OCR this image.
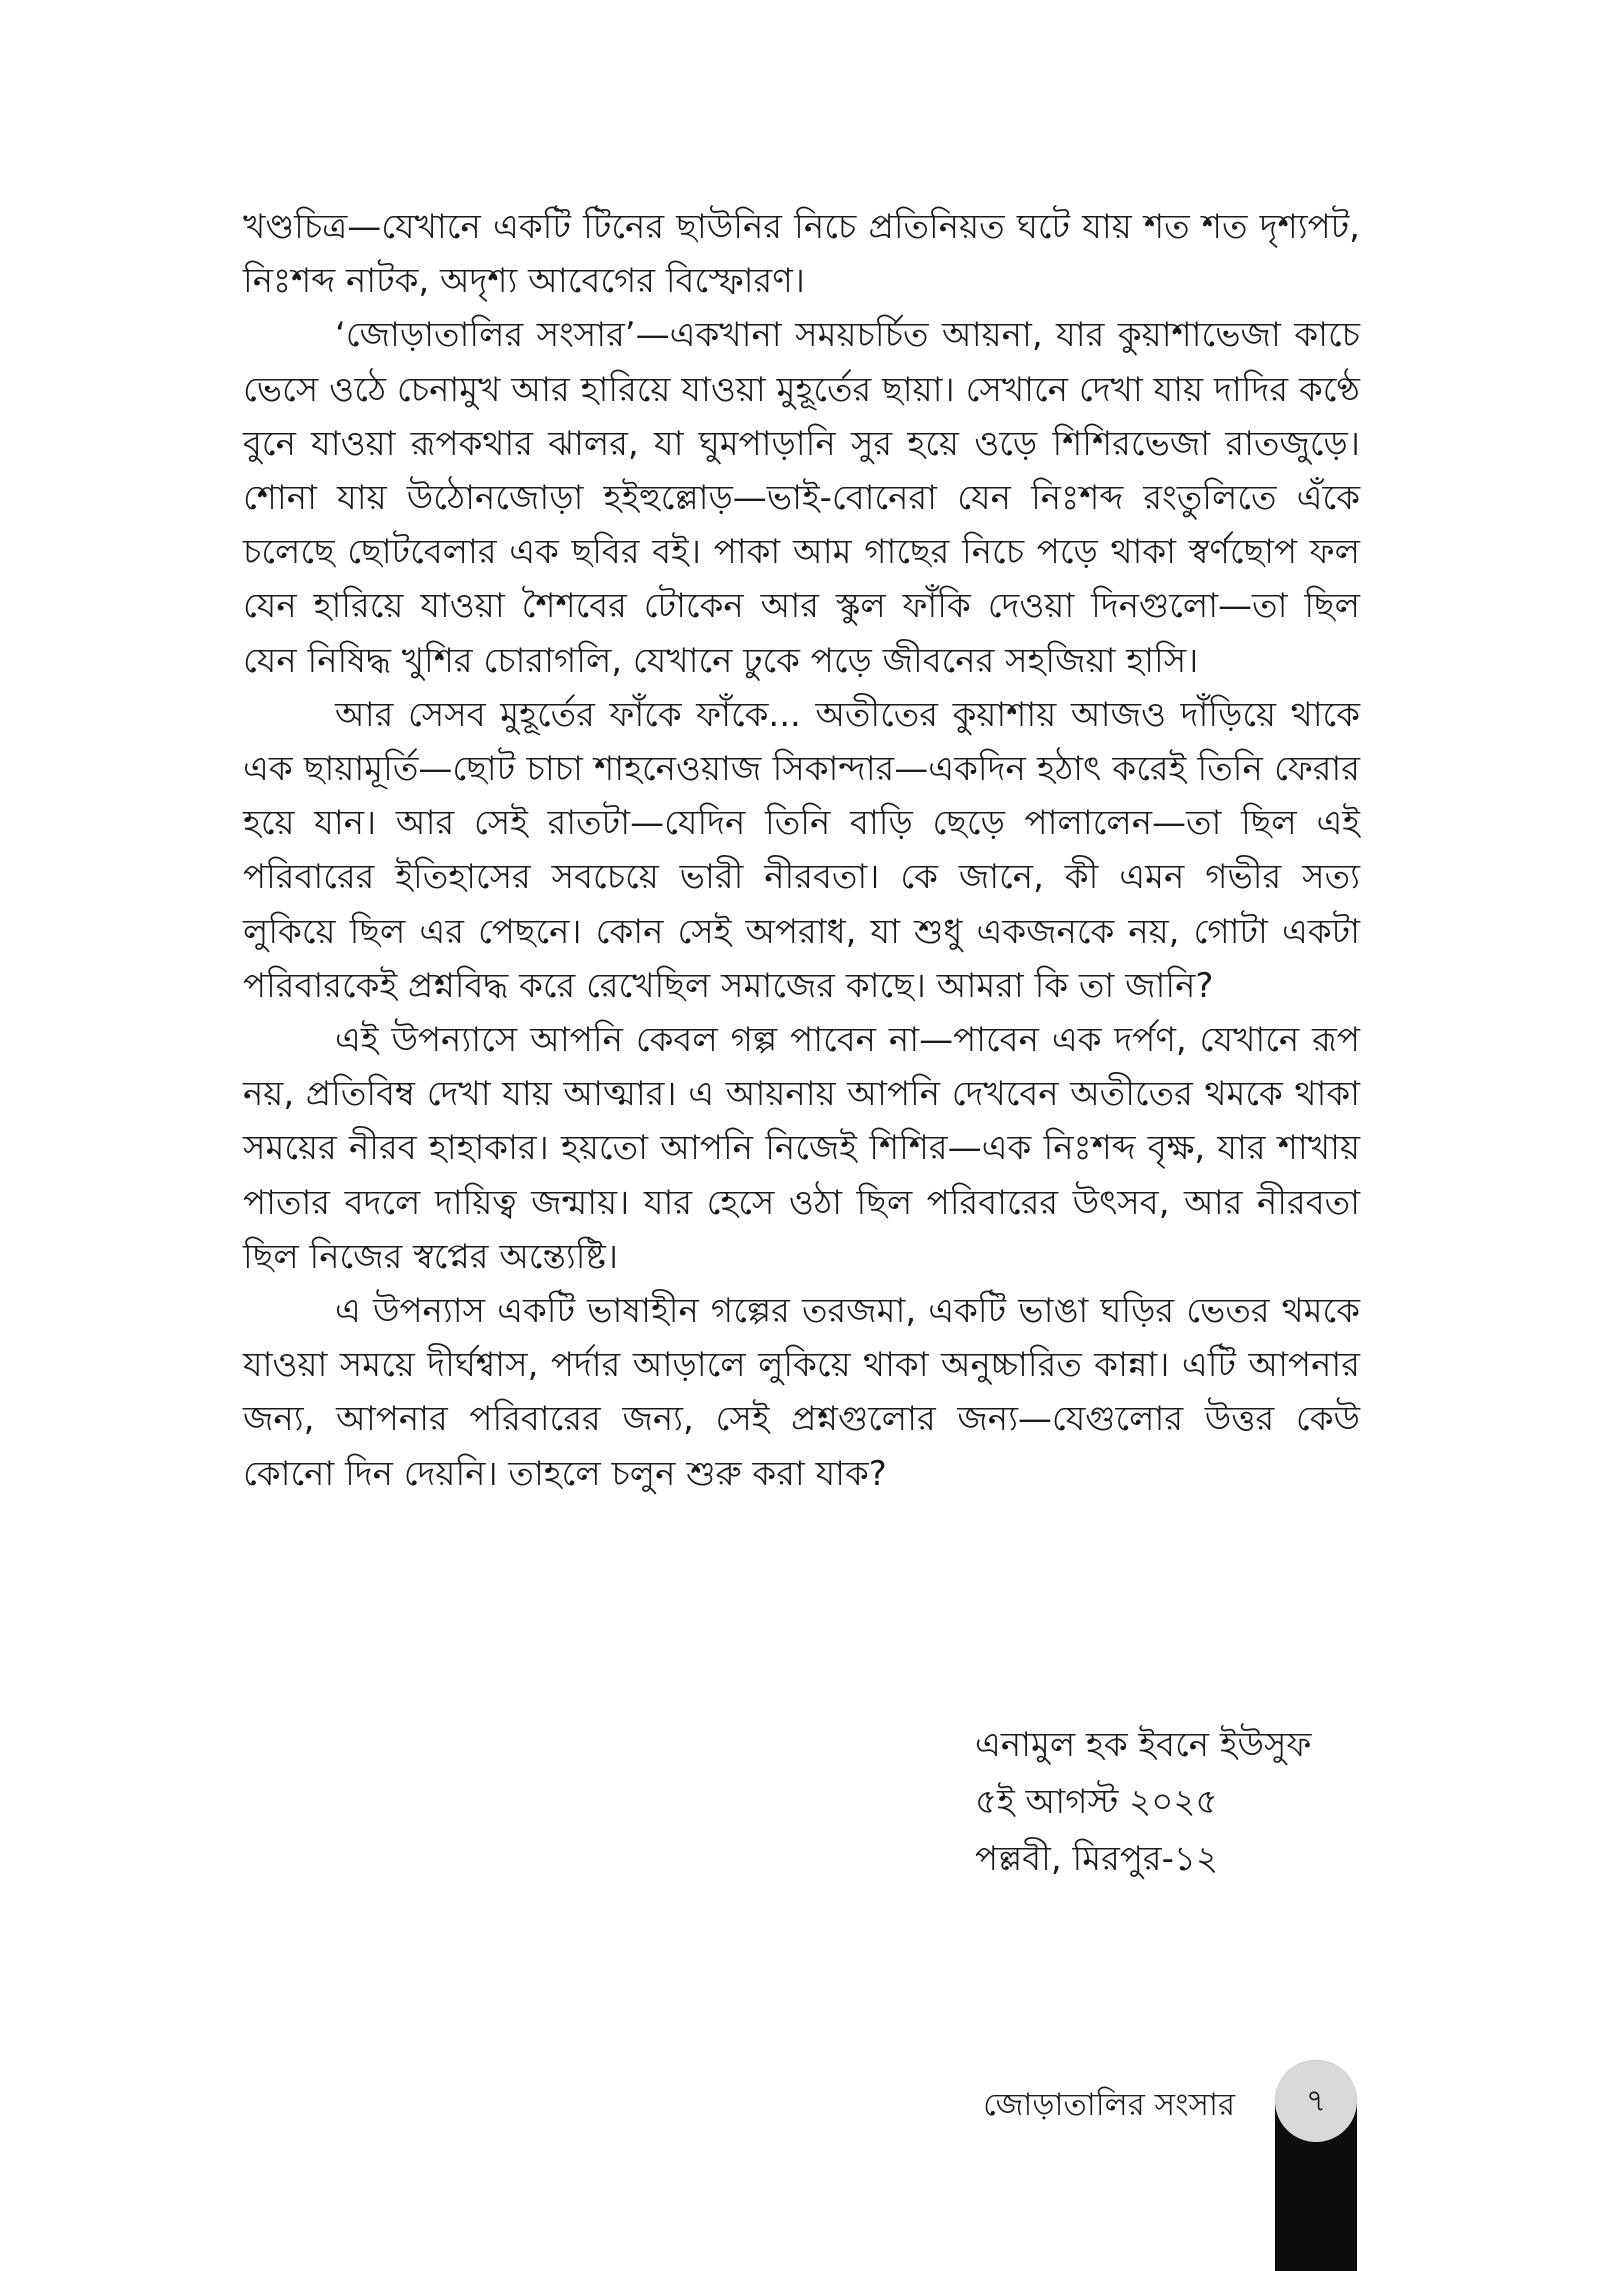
খণ্ডচিত্র—যেখানে একটি টিনের ছাউনির নিচে প্রতিনিয়ত ঘটে যায় শত শত দৃশ্যপট, নিঃশব্দ নাটক, অদৃশ্য আবেগের বিস্ফোরণ।

‘জোড়াতালির সংসার’—একখানা সময়চর্চিত আয়না, যার কুয়াশাভেজা কাচে ভেসে ওঠে চেনামুখ আর হারিয়ে যাওয়া মুহূর্তের ছায়া। সেখানে দেখা যায় দাদির কণ্ঠে বুনে যাওয়া রূপকথার ঝালর, যা ঘুমপাড়ানি সুর হয়ে ওড়ে শিশিরভেজা রাতজুড়ে। শোনা যায় উঠোনজোড়া হইহুল্লোড়—ভাই-বোনেরা যেন নিঃশব্দ রংতুলিতে এঁকে চলেছে ছোটবেলার এক ছবির বই। পাকা আম গাছের নিচে পড়ে থাকা স্বর্ণছোপ ফল যেন হারিয়ে যাওয়া শৈশবের টোকেন আর স্কুল ফাঁকি দেওয়া দিনগুলো—তা ছিল যেন নিষিদ্ধ খুশির চোরাগলি, যেখানে ঢুকে পড়ে জীবনের সহজিয়া হাসি।

আর সেসব মুহূর্তের ফাঁকে ফাঁকে... অতীতের কুয়াশায় আজও দাঁড়িয়ে থাকে এক ছায়ামূর্তি—ছোট চাচা শাহনেওয়াজ সিকান্দার—একদিন হঠাৎ করেই তিনি ফেরার হয়ে যান। আর সেই রাতটা—যেদিন তিনি বাড়ি ছেড়ে পালালেন—তা ছিল এই পরিবারের ইতিহাসের সবচেয়ে ভারী নীরবতা। কে জানে, কী এমন গভীর সত্য লুকিয়ে ছিল এর পেছনে। কোন সেই অপরাধ, যা শুধু একজনকে নয়, গোটা একটা পরিবারকেই প্রশ্নবিদ্ধ করে রেখেছিল সমাজের কাছে। আমরা কি তা জানি?

এই উপন্যাসে আপনি কেবল গল্প পাবেন না—পাবেন এক দর্পণ, যেখানে রূপ নয়, প্রতিবিম্ব দেখা যায় আত্মার। এ আয়নায় আপনি দেখবেন অতীতের থমকে থাকা সময়ের নীরব হাহাকার। হয়তো আপনি নিজেই শিশির—এক নিঃশব্দ বৃক্ষ, যার শাখায় পাতার বদলে দায়িত্ব জন্মায়। যার হেসে ওঠা ছিল পরিবারের উৎসব, আর নীরবতা ছিল নিজের স্বপ্নের অন্ত্যেষ্টি।

এ উপন্যাস একটি ভাষাহীন গল্পের তরজমা, একটি ভাঙা ঘড়ির ভেতর থমকে যাওয়া সময়ে দীর্ঘশ্বাস, পর্দার আড়ালে লুকিয়ে থাকা অনুচ্চারিত কান্না। এটি আপনার জন্য, আপনার পরিবারের জন্য, সেই প্রশ্নগুলোর জন্য—যেগুলোর উত্তর কেউ কোনো দিন দেয়নি। তাহলে চলুন শুরু করা যাক?

এনামুল হক ইবনে ইউসুফ
৫ই আগস্ট ২০২৫
পল্লবী, মিরপুর-১২
জোড়াতালির সংসার	৭
